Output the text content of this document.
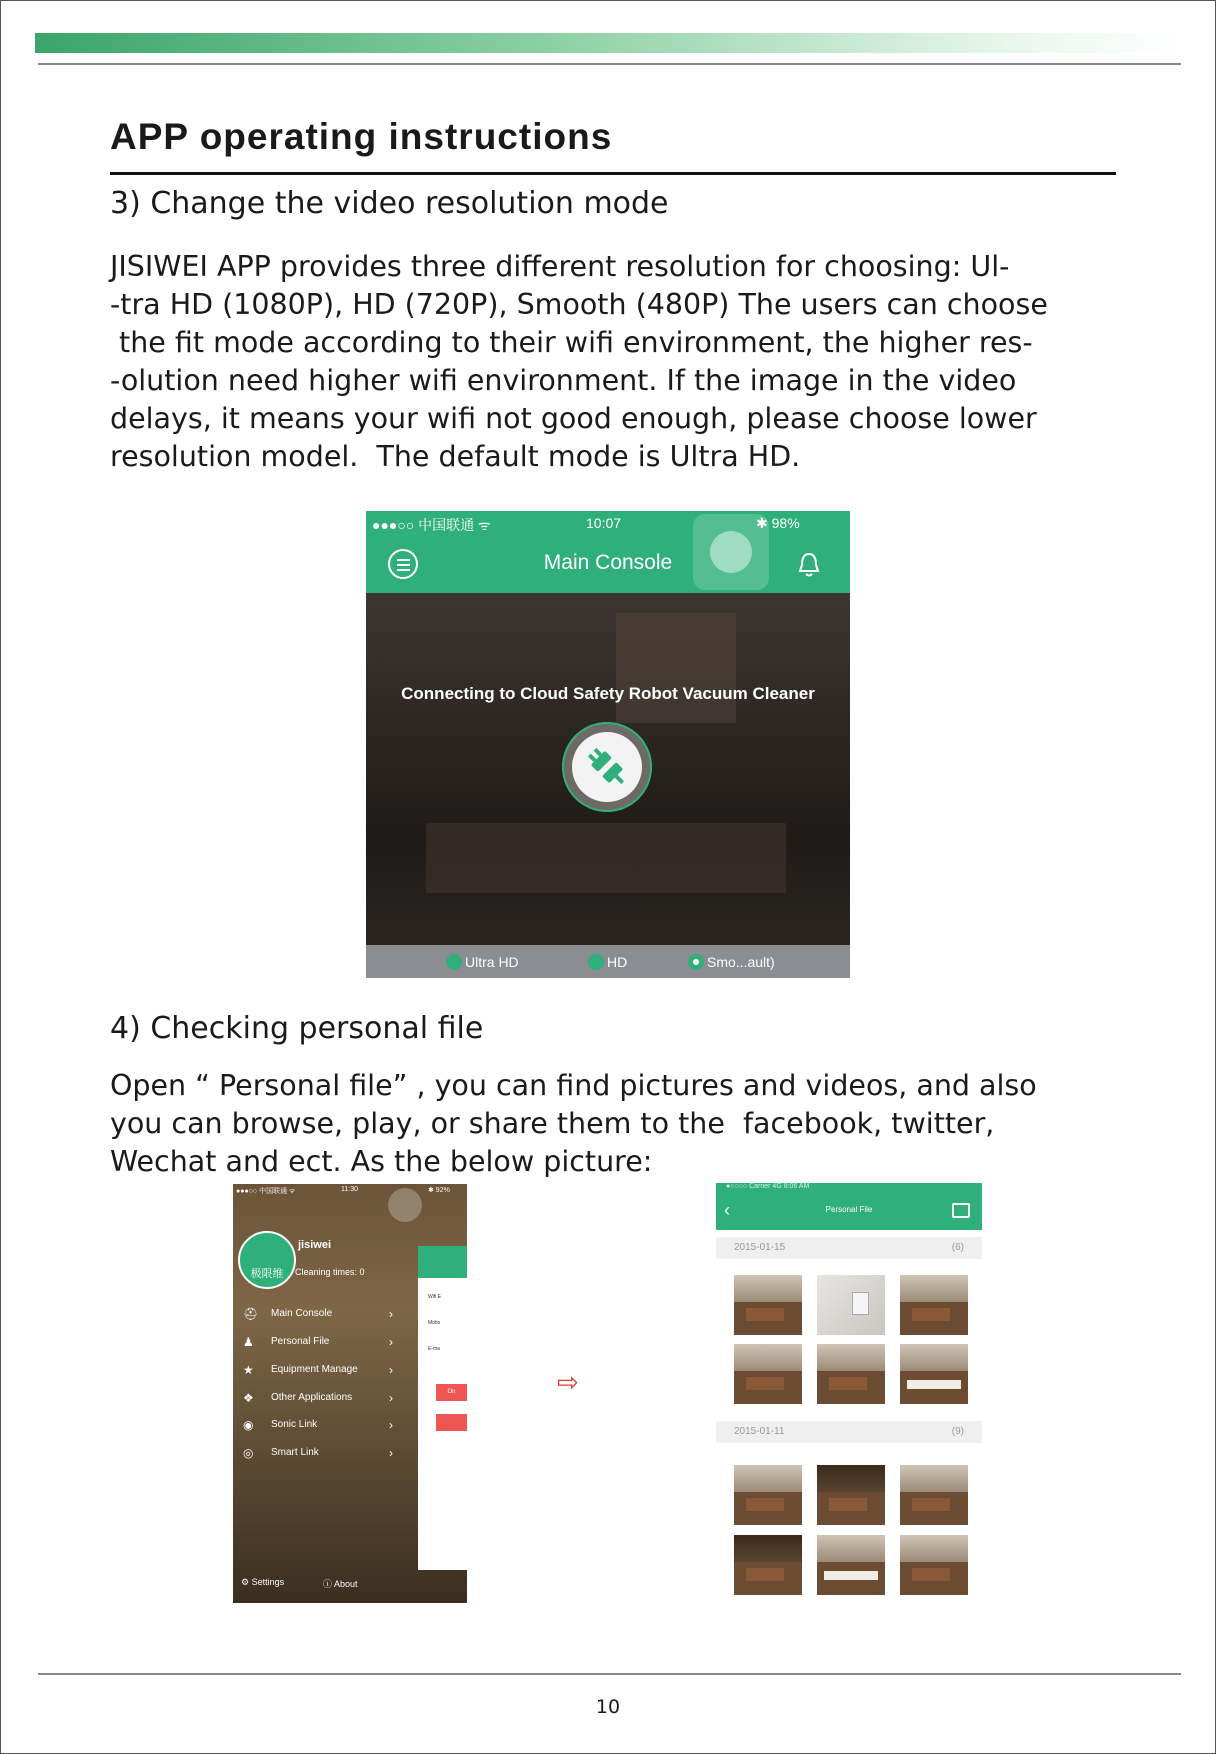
APP operating instructions
3) Change the video resolution mode

JISIWEI APP provides three different resolution for choosing: Ul-
-tra HD (1080P), HD (720P), Smooth (480P) The users can choose
the fit mode according to their wifi environment, the higher res-
-olution need higher wifi environment. If the image in the video
delays, it means your wifi not good enough, please choose lower
resolution model.  The default mode is Ultra HD.

●●●○○ 中国联通 ᯤ	10:07	✱ 98%
Main Console
Connecting to Cloud Safety Robot Vacuum Cleaner
Ultra HD	HD	Smo...ault)
4) Checking personal file

Open “ Personal file” , you can find pictures and videos, and also
you can browse, play, or share them to the  facebook, twitter,
Wechat and ect. As the below picture:

●●●○○ 中国联通 ᯤ	11:30	✱ 92%
极限维
jisiwei
Cleaning times: 0
⛑ Main Console	›
♟ Personal File	›
★ Equipment Manage	›
❖ Other Applications	›
◉ Sonic Link	›
◎ Smart Link	›
Wifi E
Motio
E-ma
On
⚙ Settings	ⓘ About
⇨
●○○○○ Carrier 4G 8:06 AM
‹	Personal File
2015-01-15	(6)
2015-01-11	(9)
10
